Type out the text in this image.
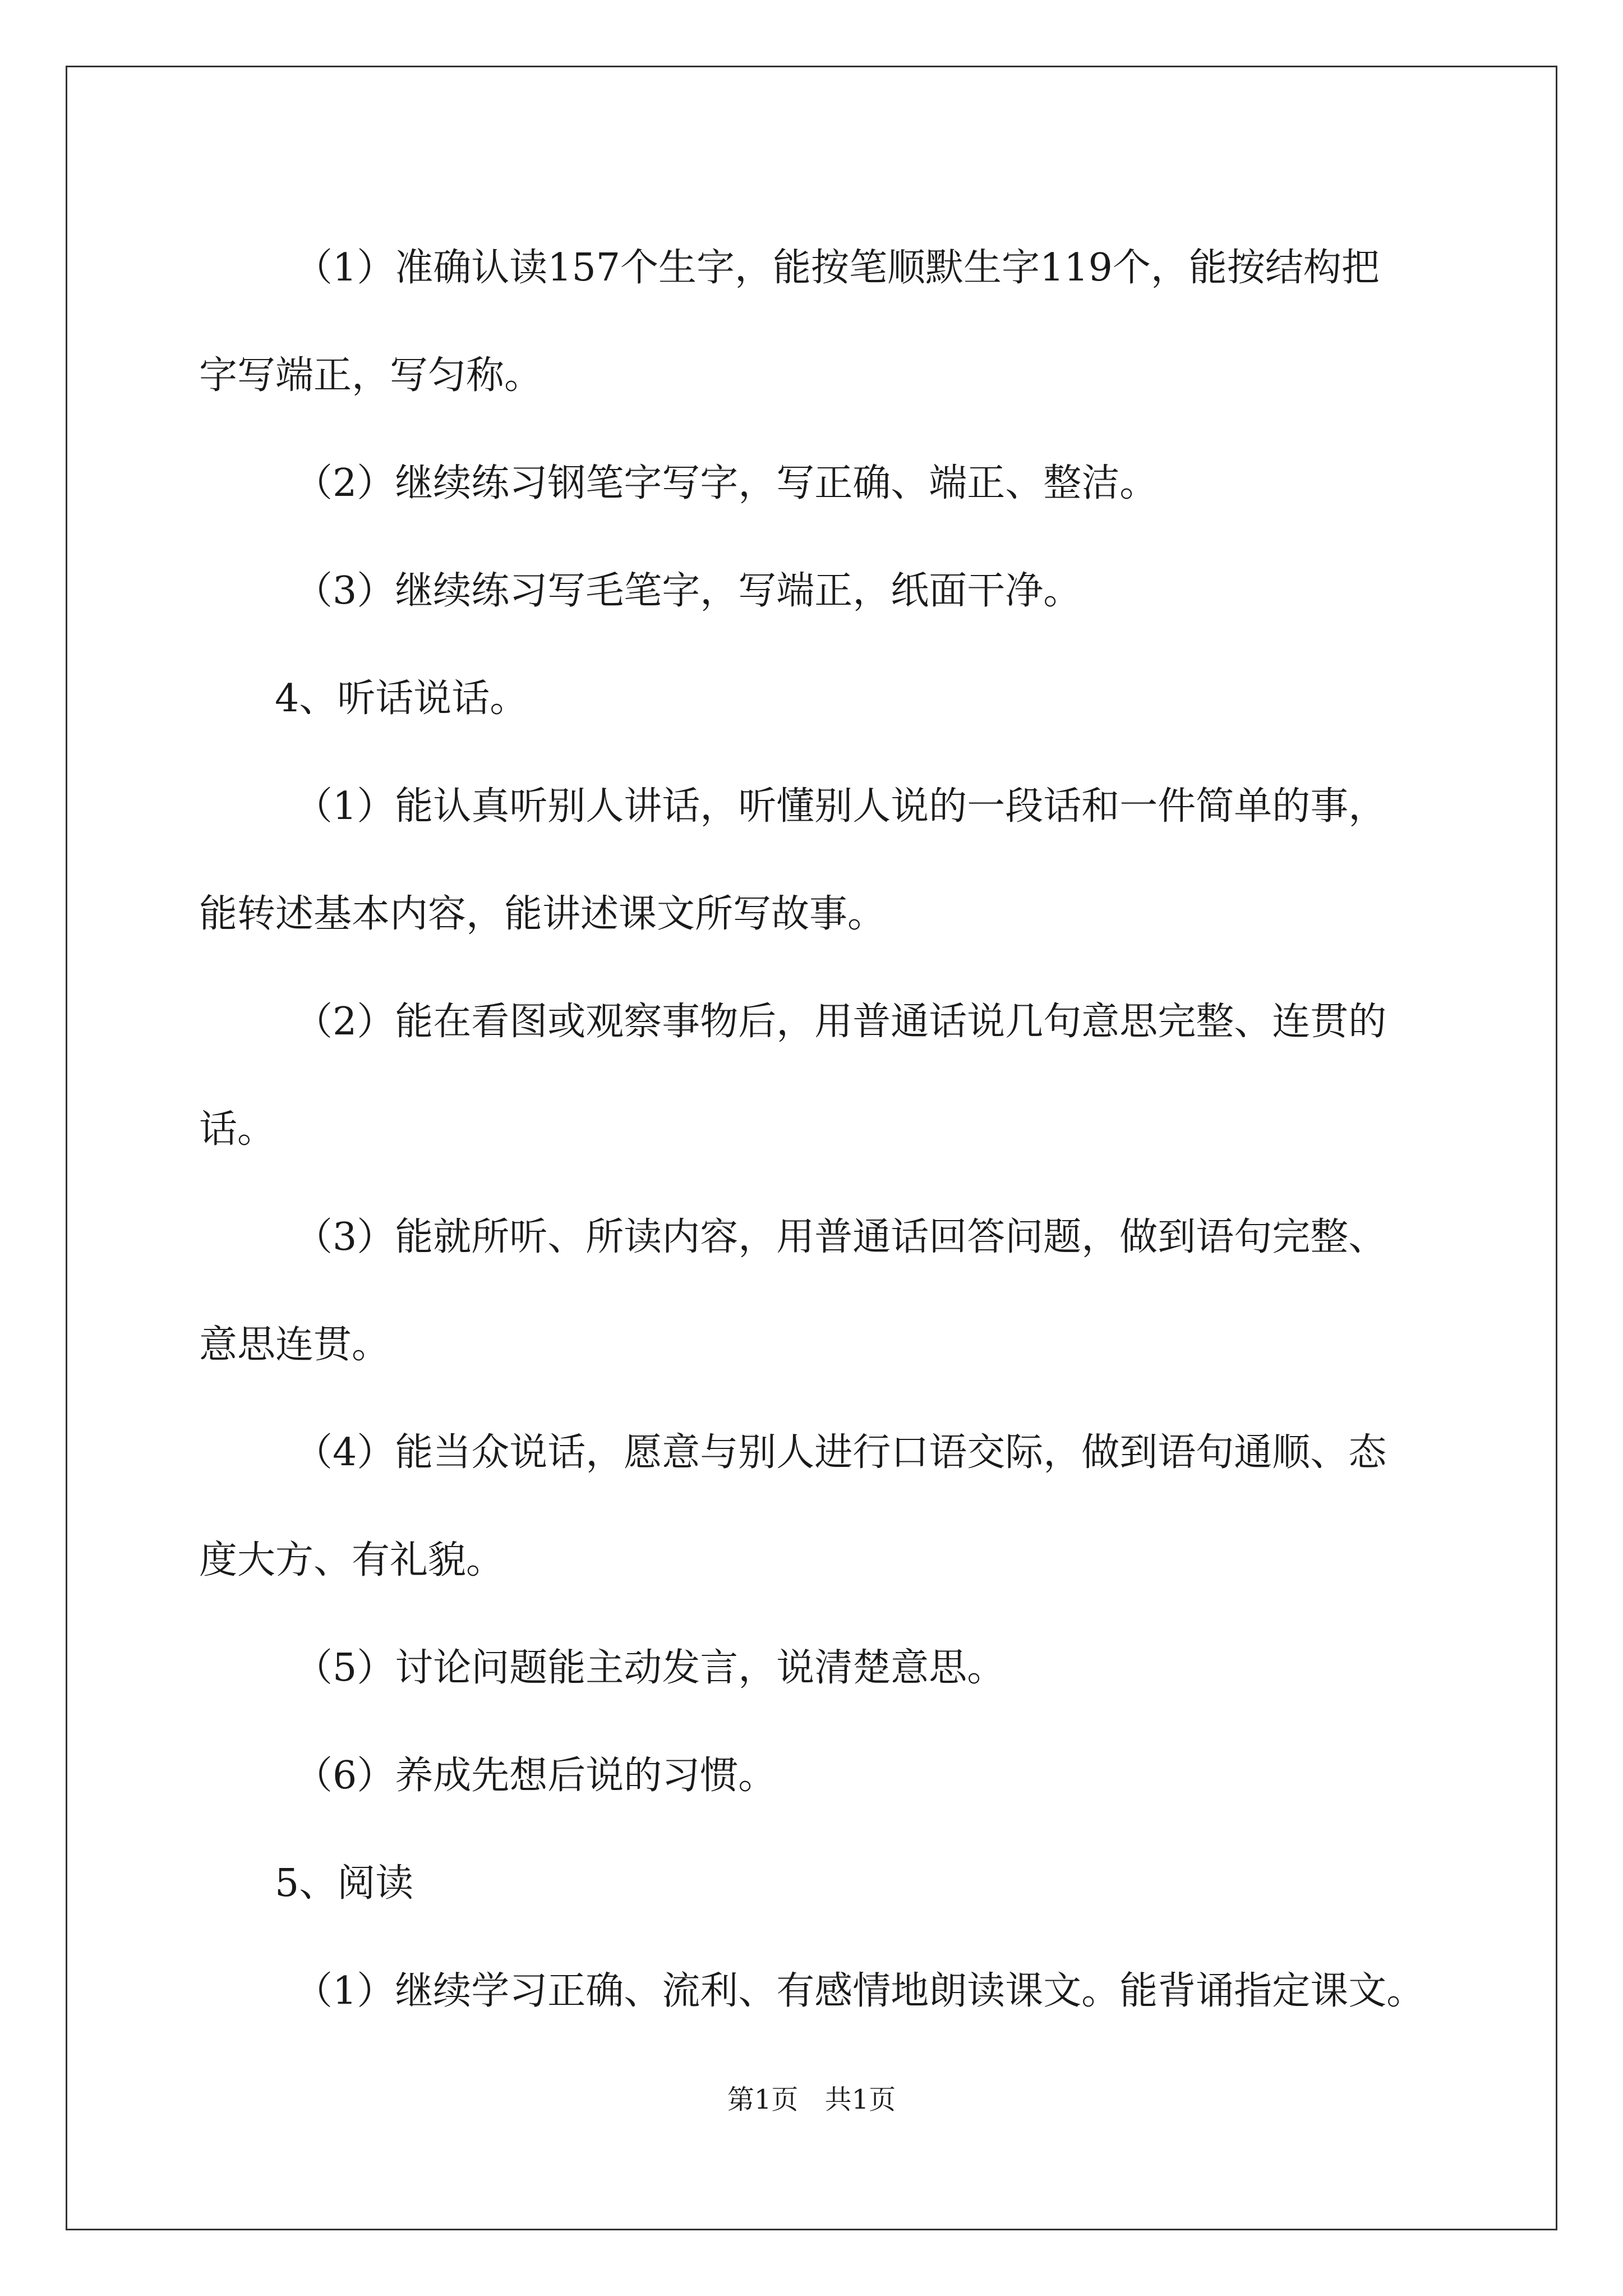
（1）准确认读157个生字，能按笔顺默生字119个，能按结构把

字写端正，写匀称。

（2）继续练习钢笔字写字，写正确、端正、整洁。

（3）继续练习写毛笔字，写端正，纸面干净。

4、听话说话。

（1）能认真听别人讲话，听懂别人说的一段话和一件简单的事，

能转述基本内容，能讲述课文所写故事。

（2）能在看图或观察事物后，用普通话说几句意思完整、连贯的

话。

（3）能就所听、所读内容，用普通话回答问题，做到语句完整、

意思连贯。

（4）能当众说话，愿意与别人进行口语交际，做到语句通顺、态

度大方、有礼貌。

（5）讨论问题能主动发言，说清楚意思。

（6）养成先想后说的习惯。

5、阅读

（1）继续学习正确、流利、有感情地朗读课文。能背诵指定课文。

第1页 共1页
